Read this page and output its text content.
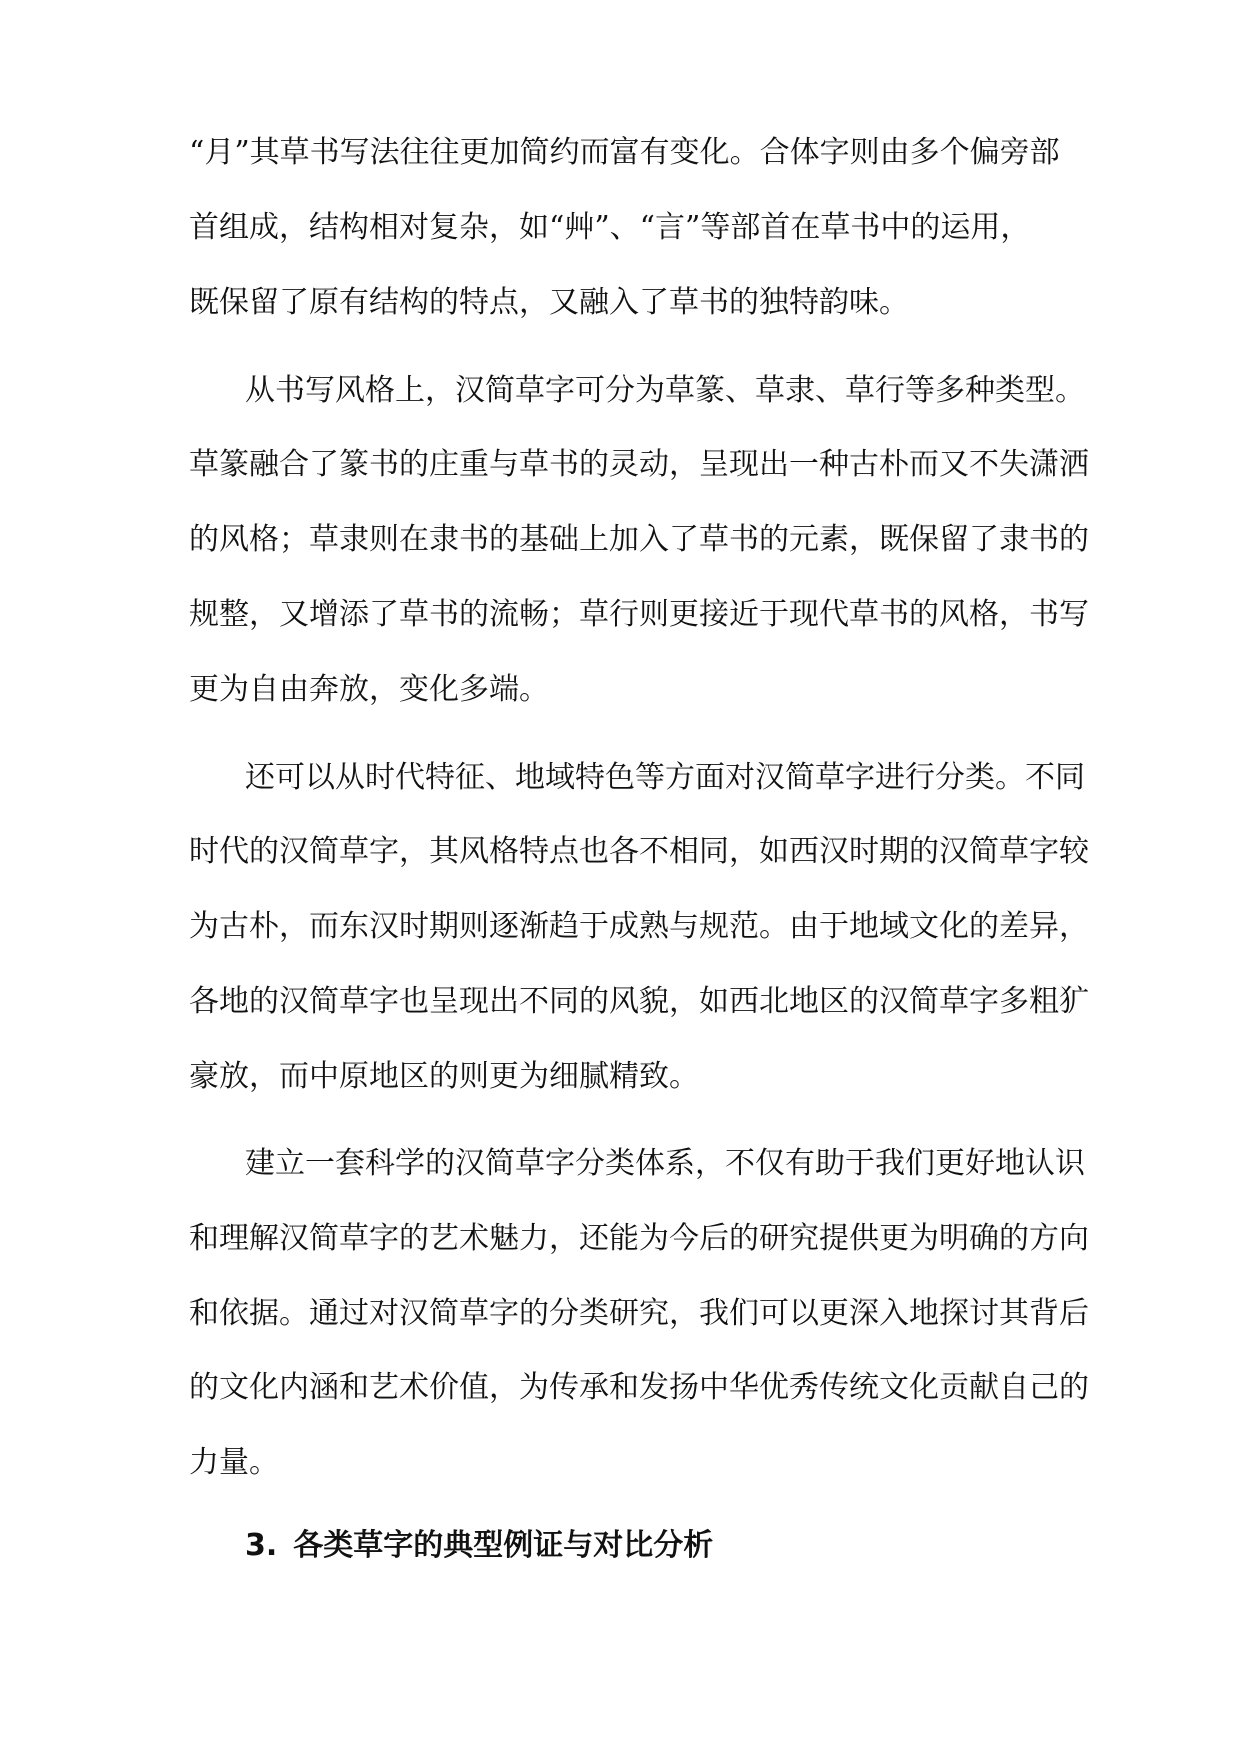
“月”其草书写法往往更加简约而富有变化。合体字则由多个偏旁部

首组成，结构相对复杂，如“艸”、“言”等部首在草书中的运用，

既保留了原有结构的特点，又融入了草书的独特韵味。

从书写风格上，汉简草字可分为草篆、草隶、草行等多种类型。

草篆融合了篆书的庄重与草书的灵动，呈现出一种古朴而又不失潇洒

的风格；草隶则在隶书的基础上加入了草书的元素，既保留了隶书的

规整，又增添了草书的流畅；草行则更接近于现代草书的风格，书写

更为自由奔放，变化多端。

还可以从时代特征、地域特色等方面对汉简草字进行分类。不同

时代的汉简草字，其风格特点也各不相同，如西汉时期的汉简草字较

为古朴，而东汉时期则逐渐趋于成熟与规范。由于地域文化的差异，

各地的汉简草字也呈现出不同的风貌，如西北地区的汉简草字多粗犷

豪放，而中原地区的则更为细腻精致。

建立一套科学的汉简草字分类体系，不仅有助于我们更好地认识

和理解汉简草字的艺术魅力，还能为今后的研究提供更为明确的方向

和依据。通过对汉简草字的分类研究，我们可以更深入地探讨其背后

的文化内涵和艺术价值，为传承和发扬中华优秀传统文化贡献自己的

力量。

3. 各类草字的典型例证与对比分析
